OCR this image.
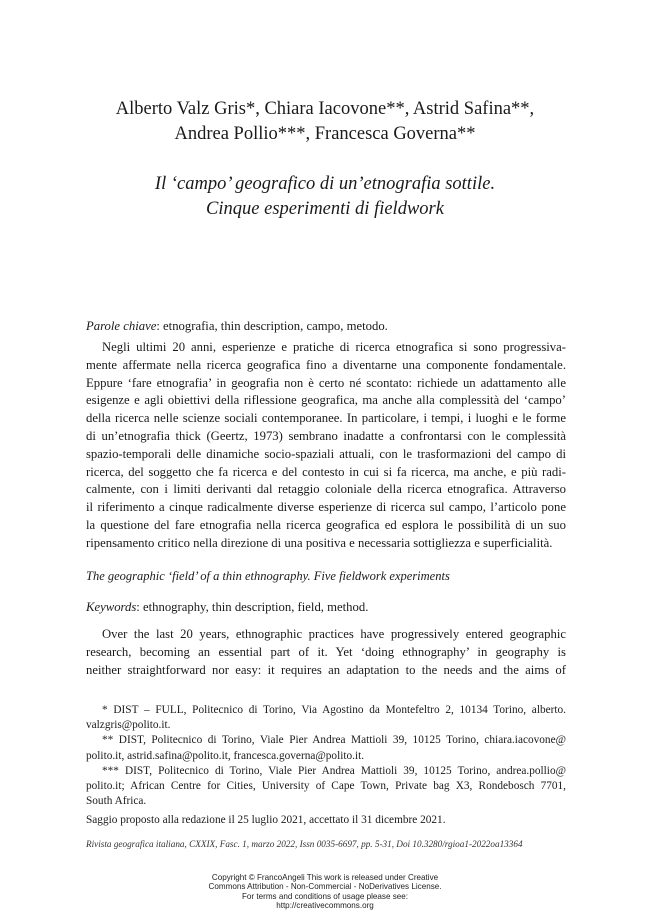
Alberto Valz Gris*, Chiara Iacovone**, Astrid Safina**,
Andrea Pollio***, Francesca Governa**
Il ‘campo’ geografico di un’etnografia sottile.
Cinque esperimenti di fieldwork
Parole chiave: etnografia, thin description, campo, metodo.
Negli ultimi 20 anni, esperienze e pratiche di ricerca etnografica si sono progressiva-
mente affermate nella ricerca geografica fino a diventarne una componente fondamentale.
Eppure ‘fare etnografia’ in geografia non è certo né scontato: richiede un adattamento alle
esigenze e agli obiettivi della riflessione geografica, ma anche alla complessità del ‘campo’
della ricerca nelle scienze sociali contemporanee. In particolare, i tempi, i luoghi e le forme
di un’etnografia thick (Geertz, 1973) sembrano inadatte a confrontarsi con le complessità
spazio-temporali delle dinamiche socio-spaziali attuali, con le trasformazioni del campo di
ricerca, del soggetto che fa ricerca e del contesto in cui si fa ricerca, ma anche, e più radi-
calmente, con i limiti derivanti dal retaggio coloniale della ricerca etnografica. Attraverso
il riferimento a cinque radicalmente diverse esperienze di ricerca sul campo, l’articolo pone
la questione del fare etnografia nella ricerca geografica ed esplora le possibilità di un suo
ripensamento critico nella direzione di una positiva e necessaria sottigliezza e superficialità.
The geographic ‘field’ of a thin ethnography. Five fieldwork experiments
Keywords: ethnography, thin description, field, method.
Over the last 20 years, ethnographic practices have progressively entered geographic
research, becoming an essential part of it. Yet ‘doing ethnography’ in geography is
neither straightforward nor easy: it requires an adaptation to the needs and the aims of
* DIST – FULL, Politecnico di Torino, Via Agostino da Montefeltro 2, 10134 Torino, alberto.
valzgris@polito.it.
** DIST, Politecnico di Torino, Viale Pier Andrea Mattioli 39, 10125 Torino, chiara.iacovone@
polito.it, astrid.safina@polito.it, francesca.governa@polito.it.
*** DIST, Politecnico di Torino, Viale Pier Andrea Mattioli 39, 10125 Torino, andrea.pollio@
polito.it; African Centre for Cities, University of Cape Town, Private bag X3, Rondebosch 7701,
South Africa.
Saggio proposto alla redazione il 25 luglio 2021, accettato il 31 dicembre 2021.
Rivista geografica italiana, CXXIX, Fasc. 1, marzo 2022, Issn 0035-6697, pp. 5-31, Doi 10.3280/rgioa1-2022oa13364
Copyright © FrancoAngeli This work is released under Creative
Commons Attribution - Non-Commercial - NoDerivatives License.
For terms and conditions of usage please see:
http://creativecommons.org
